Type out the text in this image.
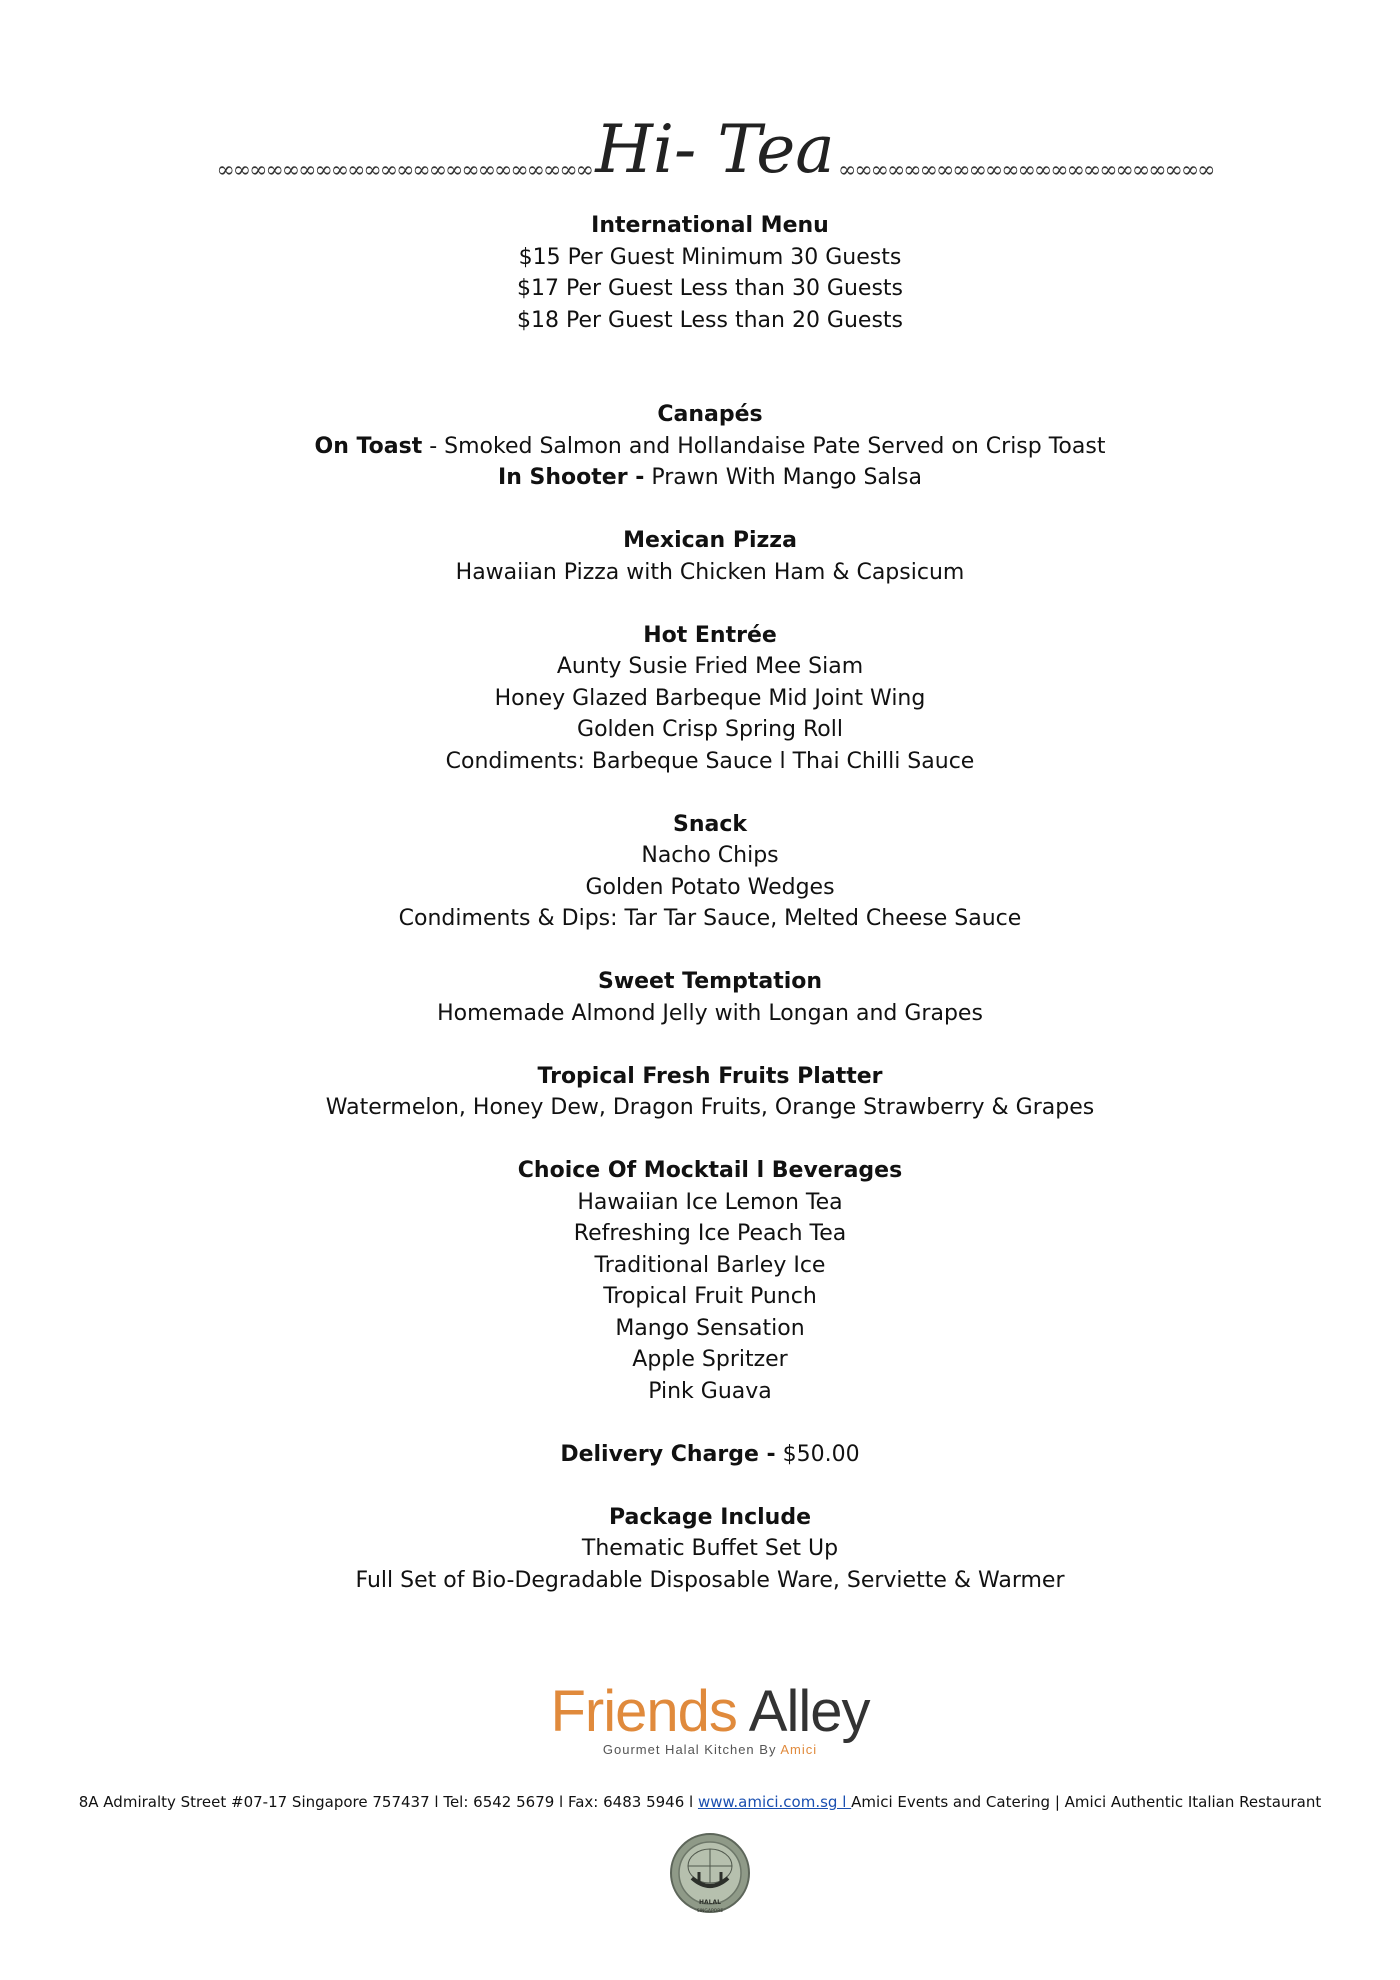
∞∞∞∞∞∞∞∞∞∞∞∞∞∞∞∞∞∞∞∞∞∞∞ Hi- Tea ∞∞∞∞∞∞∞∞∞∞∞∞∞∞∞∞∞∞∞∞∞∞∞
International Menu
$15 Per Guest Minimum 30 Guests
$17 Per Guest Less than 30 Guests
$18 Per Guest Less than 20 Guests
Canapés
On Toast - Smoked Salmon and Hollandaise Pate Served on Crisp Toast
In Shooter - Prawn With Mango Salsa
Mexican Pizza
Hawaiian Pizza with Chicken Ham & Capsicum
Hot Entrée
Aunty Susie Fried Mee Siam
Honey Glazed Barbeque Mid Joint Wing
Golden Crisp Spring Roll
Condiments: Barbeque Sauce l Thai Chilli Sauce
Snack
Nacho Chips
Golden Potato Wedges
Condiments & Dips: Tar Tar Sauce, Melted Cheese Sauce
Sweet Temptation
Homemade Almond Jelly with Longan and Grapes
Tropical Fresh Fruits Platter
Watermelon, Honey Dew, Dragon Fruits, Orange Strawberry & Grapes
Choice Of Mocktail l Beverages
Hawaiian Ice Lemon Tea
Refreshing Ice Peach Tea
Traditional Barley Ice
Tropical Fruit Punch
Mango Sensation
Apple Spritzer
Pink Guava
Delivery Charge - $50.00
Package Include
Thematic Buffet Set Up
Full Set of Bio-Degradable Disposable Ware, Serviette & Warmer
Friends Alley
Gourmet Halal Kitchen By Amici
8A Admiralty Street #07-17 Singapore 757437 l Tel: 6542 5679 l Fax: 6483 5946 l www.amici.com.sg l Amici Events and Catering | Amici Authentic Italian Restaurant
HALAL
SINGAPORE
